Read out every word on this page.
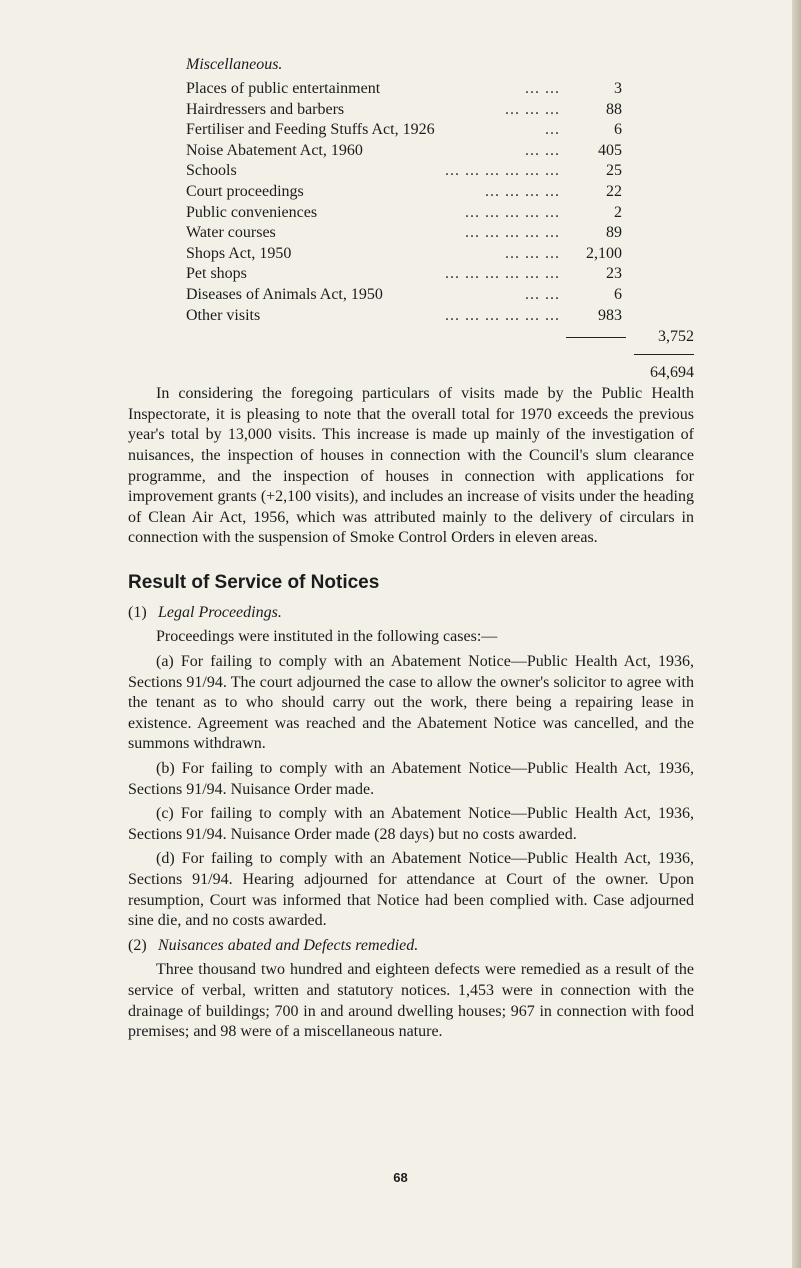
Miscellaneous.
... ...
Places of public entertainment	3
... ... ...
Hairdressers and barbers	88
...
Fertiliser and Feeding Stuffs Act, 1926	6
... ...
Noise Abatement Act, 1960	405
... ... ... ... ... ...
Schools	25
... ... ... ...
Court proceedings	22
... ... ... ... ...
Public conveniences	2
... ... ... ... ...
Water courses	89
... ... ...
Shops Act, 1950	2,100
... ... ... ... ... ...
Pet shops	23
... ...
Diseases of Animals Act, 1950	6
... ... ... ... ... ...
Other visits	983
3,752
64,694

In considering the foregoing particulars of visits made by the Public Health Inspectorate, it is pleasing to note that the overall total for 1970 exceeds the previous year's total by 13,000 visits. This increase is made up mainly of the investigation of nuisances, the inspection of houses in connection with the Council's slum clearance programme, and the inspection of houses in connection with applications for improvement grants (+2,100 visits), and includes an increase of visits under the heading of Clean Air Act, 1956, which was attributed mainly to the delivery of circulars in connection with the suspension of Smoke Control Orders in eleven areas.

Result of Service of Notices
(1) Legal Proceedings.

Proceedings were instituted in the following cases:—

(a) For failing to comply with an Abatement Notice—Public Health Act, 1936, Sections 91/94. The court adjourned the case to allow the owner's solicitor to agree with the tenant as to who should carry out the work, there being a repairing lease in existence. Agreement was reached and the Abatement Notice was cancelled, and the summons withdrawn.

(b) For failing to comply with an Abatement Notice—Public Health Act, 1936, Sections 91/94. Nuisance Order made.

(c) For failing to comply with an Abatement Notice—Public Health Act, 1936, Sections 91/94. Nuisance Order made (28 days) but no costs awarded.

(d) For failing to comply with an Abatement Notice—Public Health Act, 1936, Sections 91/94. Hearing adjourned for attendance at Court of the owner. Upon resumption, Court was informed that Notice had been complied with. Case adjourned sine die, and no costs awarded.

(2) Nuisances abated and Defects remedied.

Three thousand two hundred and eighteen defects were remedied as a result of the service of verbal, written and statutory notices. 1,453 were in connection with the drainage of buildings; 700 in and around dwelling houses; 967 in connection with food premises; and 98 were of a miscellaneous nature.

68
